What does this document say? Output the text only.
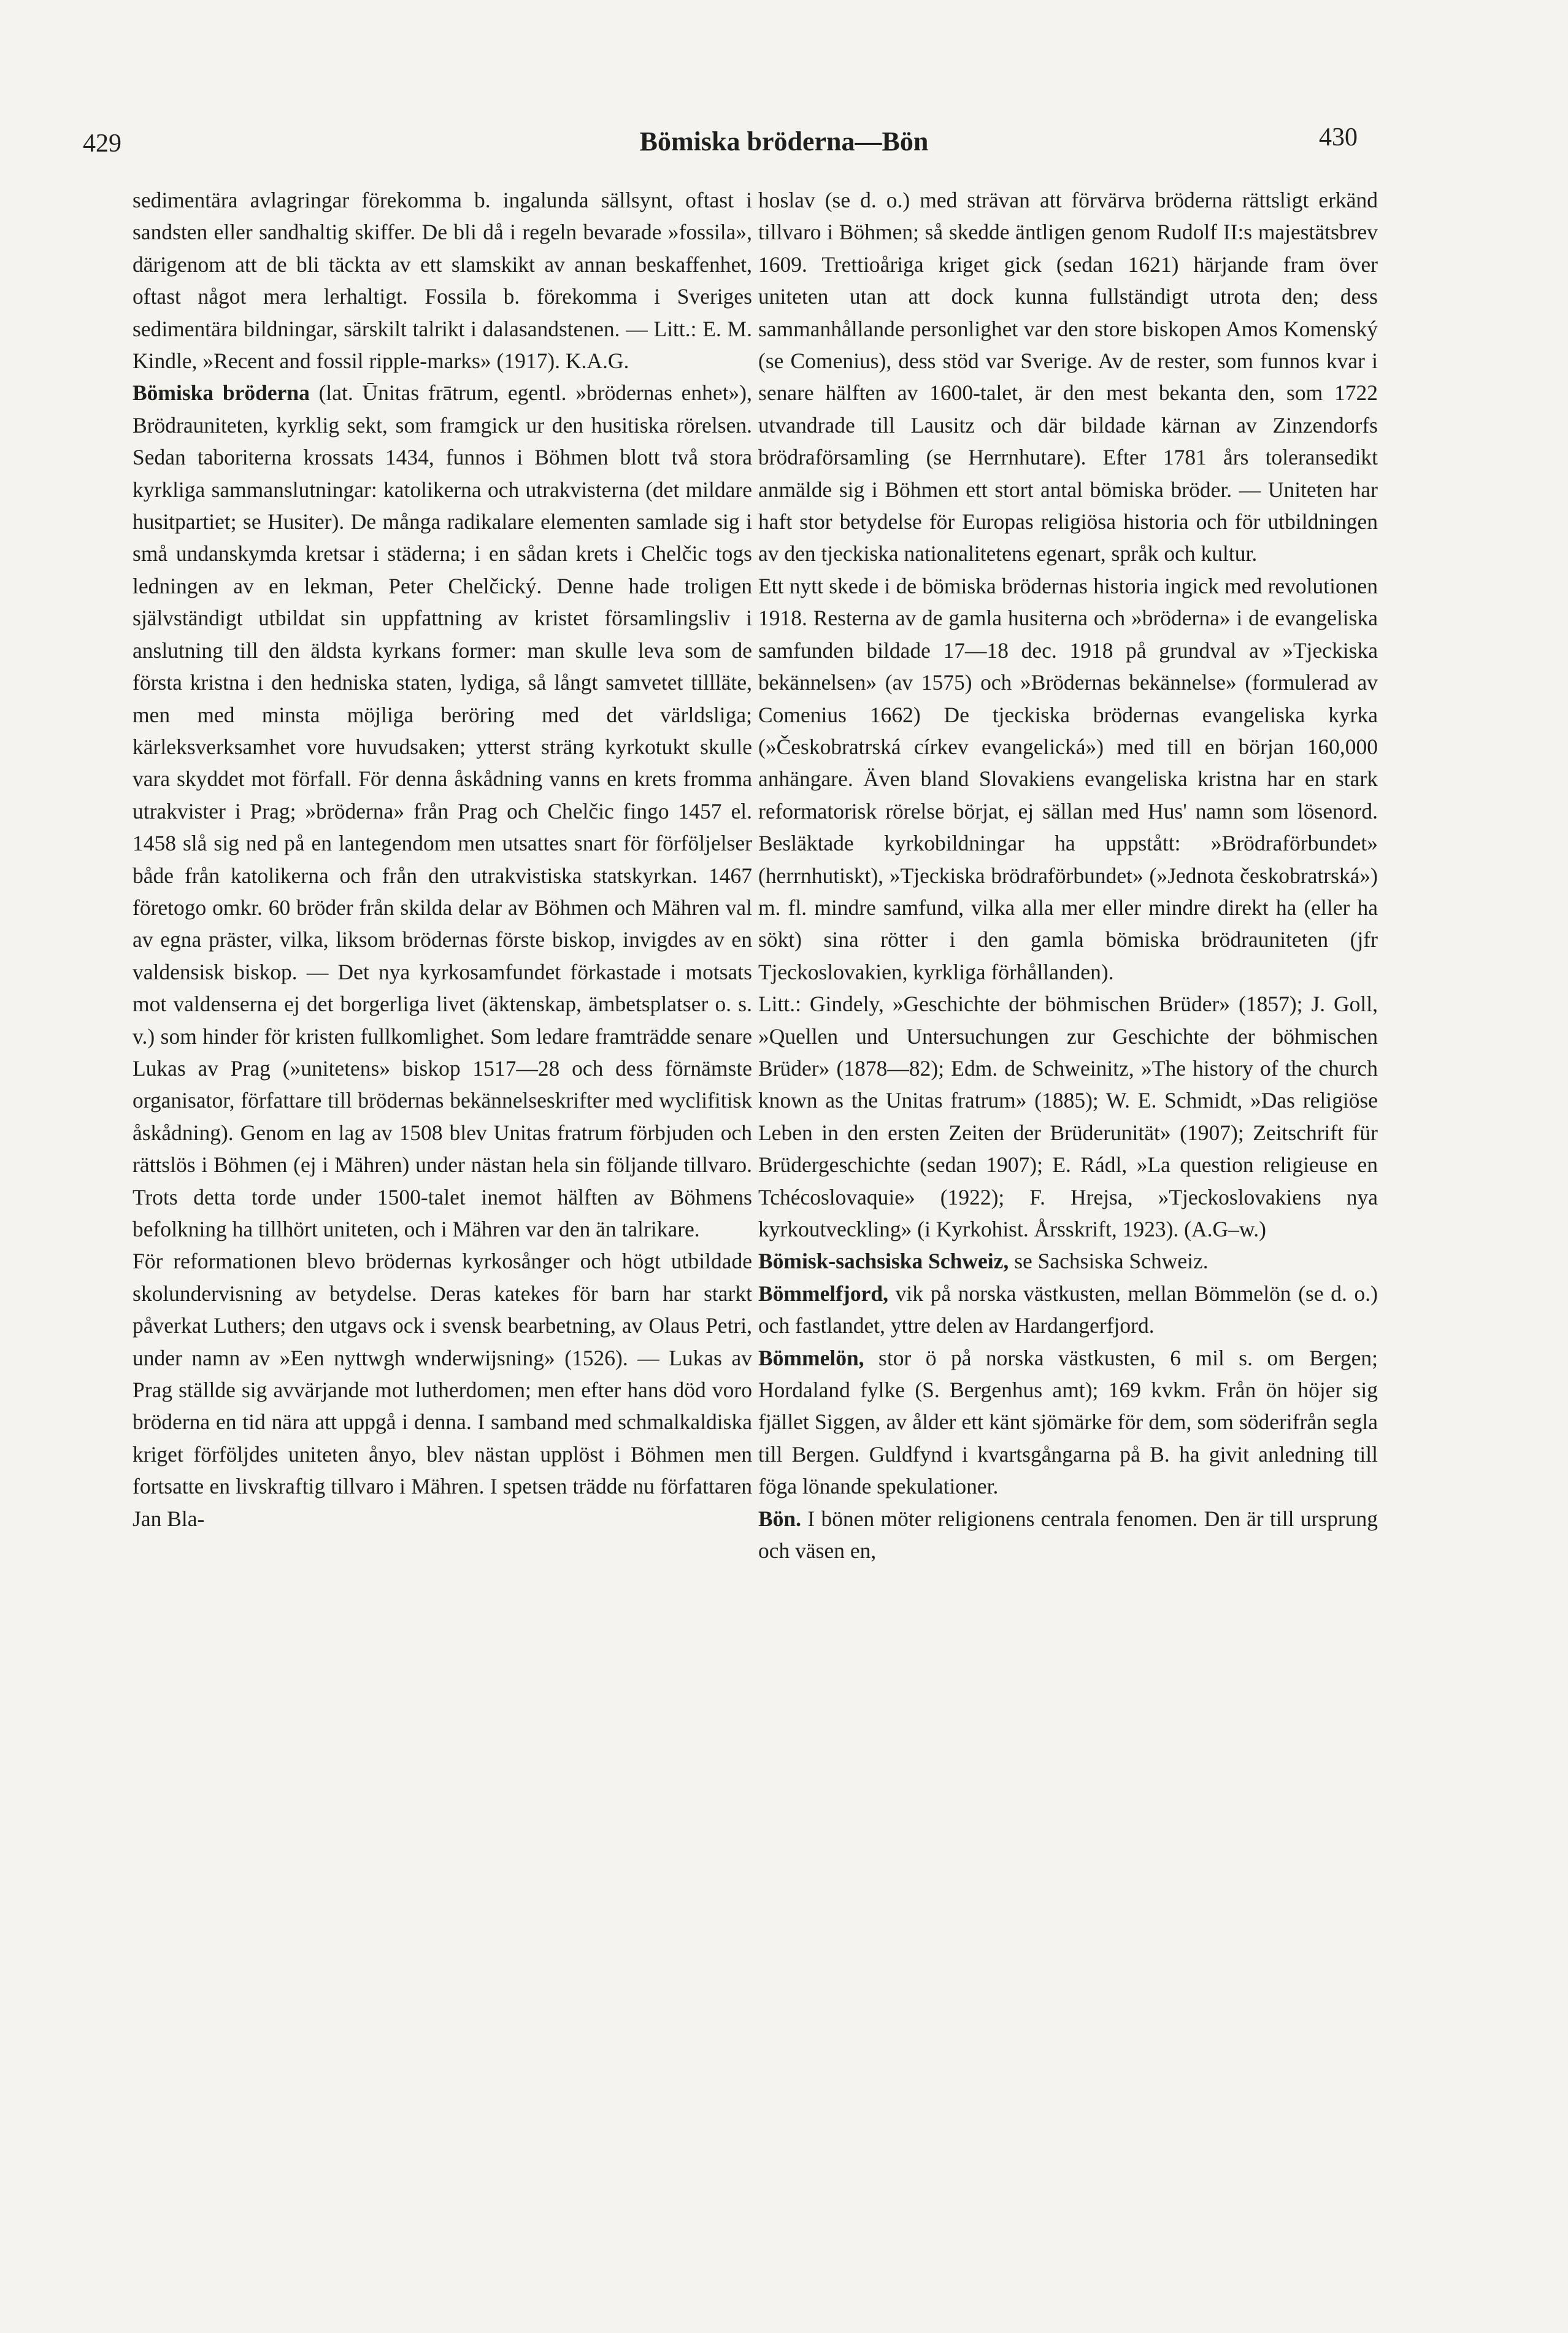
429	Bömiska bröderna—Bön	430

sedimentära avlagringar förekomma b. ingalunda sällsynt, oftast i sandsten eller sandhaltig skiffer. De bli då i regeln bevarade »fossila», därigenom att de bli täckta av ett slamskikt av annan beskaffenhet, oftast något mera lerhaltigt. Fossila b. förekomma i Sveriges sedimentära bildningar, särskilt talrikt i dalasandstenen. — Litt.: E. M. Kindle, »Recent and fossil ripple-marks» (1917). K.A.G.

Bömiska bröderna (lat. Ūnitas frātrum, egentl. »brödernas enhet»), Brödrauniteten, kyrklig sekt, som framgick ur den husitiska rörelsen. Sedan taboriterna krossats 1434, funnos i Böhmen blott två stora kyrkliga sammanslutningar: katolikerna och utrakvisterna (det mildare husitpartiet; se Husiter). De många radikalare elementen samlade sig i små undanskymda kretsar i städerna; i en sådan krets i Chelčic togs ledningen av en lekman, Peter Chelčický. Denne hade troligen självständigt utbildat sin uppfattning av kristet församlingsliv i anslutning till den äldsta kyrkans former: man skulle leva som de första kristna i den hedniska staten, lydiga, så långt samvetet tillläte, men med minsta möjliga beröring med det världsliga; kärleksverksamhet vore huvudsaken; ytterst sträng kyrkotukt skulle vara skyddet mot förfall. För denna åskådning vanns en krets fromma utrakvister i Prag; »bröderna» från Prag och Chelčic fingo 1457 el. 1458 slå sig ned på en lantegendom men utsattes snart för förföljelser både från katolikerna och från den utrakvistiska statskyrkan. 1467 företogo omkr. 60 bröder från skilda delar av Böhmen och Mähren val av egna präster, vilka, liksom brödernas förste biskop, invigdes av en valdensisk biskop. — Det nya kyrkosamfundet förkastade i motsats mot valdenserna ej det borgerliga livet (äktenskap, ämbetsplatser o. s. v.) som hinder för kristen fullkomlighet. Som ledare framträdde senare Lukas av Prag (»unitetens» biskop 1517—28 och dess förnämste organisator, författare till brödernas bekännelseskrifter med wyclifitisk åskådning). Genom en lag av 1508 blev Unitas fratrum förbjuden och rättslös i Böhmen (ej i Mähren) under nästan hela sin följande tillvaro. Trots detta torde under 1500-talet inemot hälften av Böhmens befolkning ha tillhört uniteten, och i Mähren var den än talrikare.

För reformationen blevo brödernas kyrkosånger och högt utbildade skolundervisning av betydelse. Deras katekes för barn har starkt påverkat Luthers; den utgavs ock i svensk bearbetning, av Olaus Petri, under namn av »Een nyttwgh wnderwijsning» (1526). — Lukas av Prag ställde sig avvärjande mot lutherdomen; men efter hans död voro bröderna en tid nära att uppgå i denna. I samband med schmalkaldiska kriget förföljdes uniteten ånyo, blev nästan upplöst i Böhmen men fortsatte en livskraftig tillvaro i Mähren. I spetsen trädde nu författaren Jan Bla-

hoslav (se d. o.) med strävan att förvärva bröderna rättsligt erkänd tillvaro i Böhmen; så skedde äntligen genom Rudolf II:s majestätsbrev 1609. Trettioåriga kriget gick (sedan 1621) härjande fram över uniteten utan att dock kunna fullständigt utrota den; dess sammanhållande personlighet var den store biskopen Amos Komenský (se Comenius), dess stöd var Sverige. Av de rester, som funnos kvar i senare hälften av 1600-talet, är den mest bekanta den, som 1722 utvandrade till Lausitz och där bildade kärnan av Zinzendorfs brödraförsamling (se Herrnhutare). Efter 1781 års toleransedikt anmälde sig i Böhmen ett stort antal bömiska bröder. — Uniteten har haft stor betydelse för Europas religiösa historia och för utbildningen av den tjeckiska nationalitetens egenart, språk och kultur.

Ett nytt skede i de bömiska brödernas historia ingick med revolutionen 1918. Resterna av de gamla husiterna och »bröderna» i de evangeliska samfunden bildade 17—18 dec. 1918 på grundval av »Tjeckiska bekännelsen» (av 1575) och »Brödernas bekännelse» (formulerad av Comenius 1662) De tjeckiska brödernas evangeliska kyrka (»Českobratrská církev evangelická») med till en början 160,000 anhängare. Även bland Slovakiens evangeliska kristna har en stark reformatorisk rörelse börjat, ej sällan med Hus' namn som lösenord. Besläktade kyrkobildningar ha uppstått: »Brödraförbundet» (herrnhutiskt), »Tjeckiska brödraförbundet» (»Jednota českobratrská») m. fl. mindre samfund, vilka alla mer eller mindre direkt ha (eller ha sökt) sina rötter i den gamla bömiska brödrauniteten (jfr Tjeckoslovakien, kyrkliga förhållanden).

Litt.: Gindely, »Geschichte der böhmischen Brüder» (1857); J. Goll, »Quellen und Untersuchungen zur Geschichte der böhmischen Brüder» (1878—82); Edm. de Schweinitz, »The history of the church known as the Unitas fratrum» (1885); W. E. Schmidt, »Das religiöse Leben in den ersten Zeiten der Brüderunität» (1907); Zeitschrift für Brüdergeschichte (sedan 1907); E. Rádl, »La question religieuse en Tchécoslovaquie» (1922); F. Hrejsa, »Tjeckoslovakiens nya kyrkoutveckling» (i Kyrkohist. Årsskrift, 1923). (A.G–w.)

Bömisk-sachsiska Schweiz, se Sachsiska Schweiz.

Bömmelfjord, vik på norska västkusten, mellan Bömmelön (se d. o.) och fastlandet, yttre delen av Hardangerfjord.

Bömmelön, stor ö på norska västkusten, 6 mil s. om Bergen; Hordaland fylke (S. Bergenhus amt); 169 kvkm. Från ön höjer sig fjället Siggen, av ålder ett känt sjömärke för dem, som söderifrån segla till Bergen. Guldfynd i kvartsgångarna på B. ha givit anledning till föga lönande spekulationer.

Bön. I bönen möter religionens centrala fenomen. Den är till ursprung och väsen en,
